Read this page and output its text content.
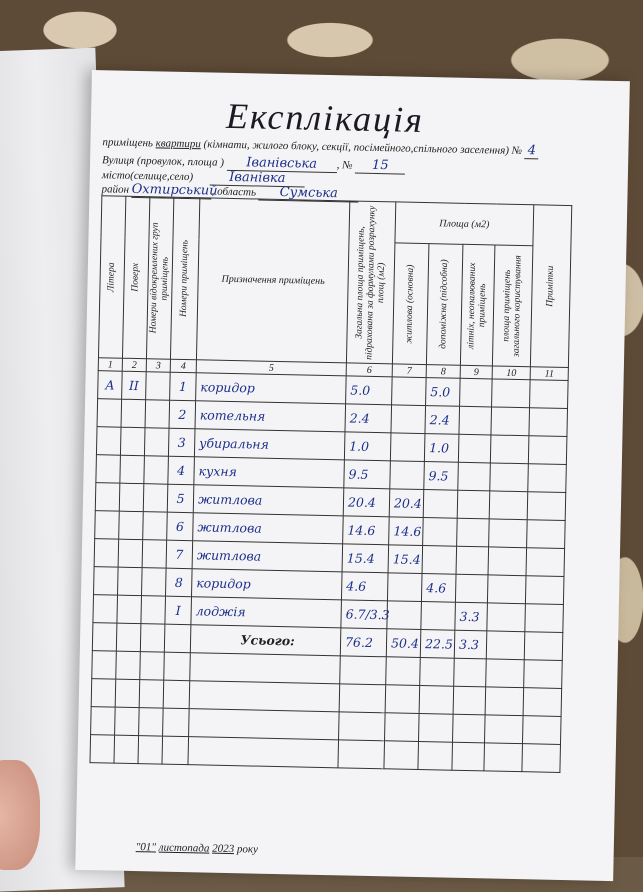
Експлікація
приміщень квартири (кімнати, жилого блоку, секції, посімейного,спільного заселення) № 4
Вулиця (провулок, площа ) Іванівська , № 15
місто(селище,село)	Іванівка
район Охтирський, область Сумська
Літера	Поверх	Номери відокремлених груп приміщень	Номери приміщень	Призначення приміщень	Загальна площа приміщень, підрахована за формулами розрахунку площ (м2)	Площа (м2)				Примітки

						житлова (основна)	допоміжна (підсобна)	літніх, неопалюваних приміщень	площа приміщень загального користування	

1	2	3	4	5	6	7	8	9	10	11
А	II		1	коридор	5.0		5.0			
			2	котельня	2.4		2.4			
			3	убиральня	1.0		1.0			
			4	кухня	9.5		9.5			
			5	житлова	20.4	20.4				
			6	житлова	14.6	14.6				
			7	житлова	15.4	15.4				
			8	коридор	4.6		4.6			
			I	лоджія	6.7/3.3			3.3		
				Усього:	76.2	50.4	22.5	3.3		

"01" листопада 2023 року
